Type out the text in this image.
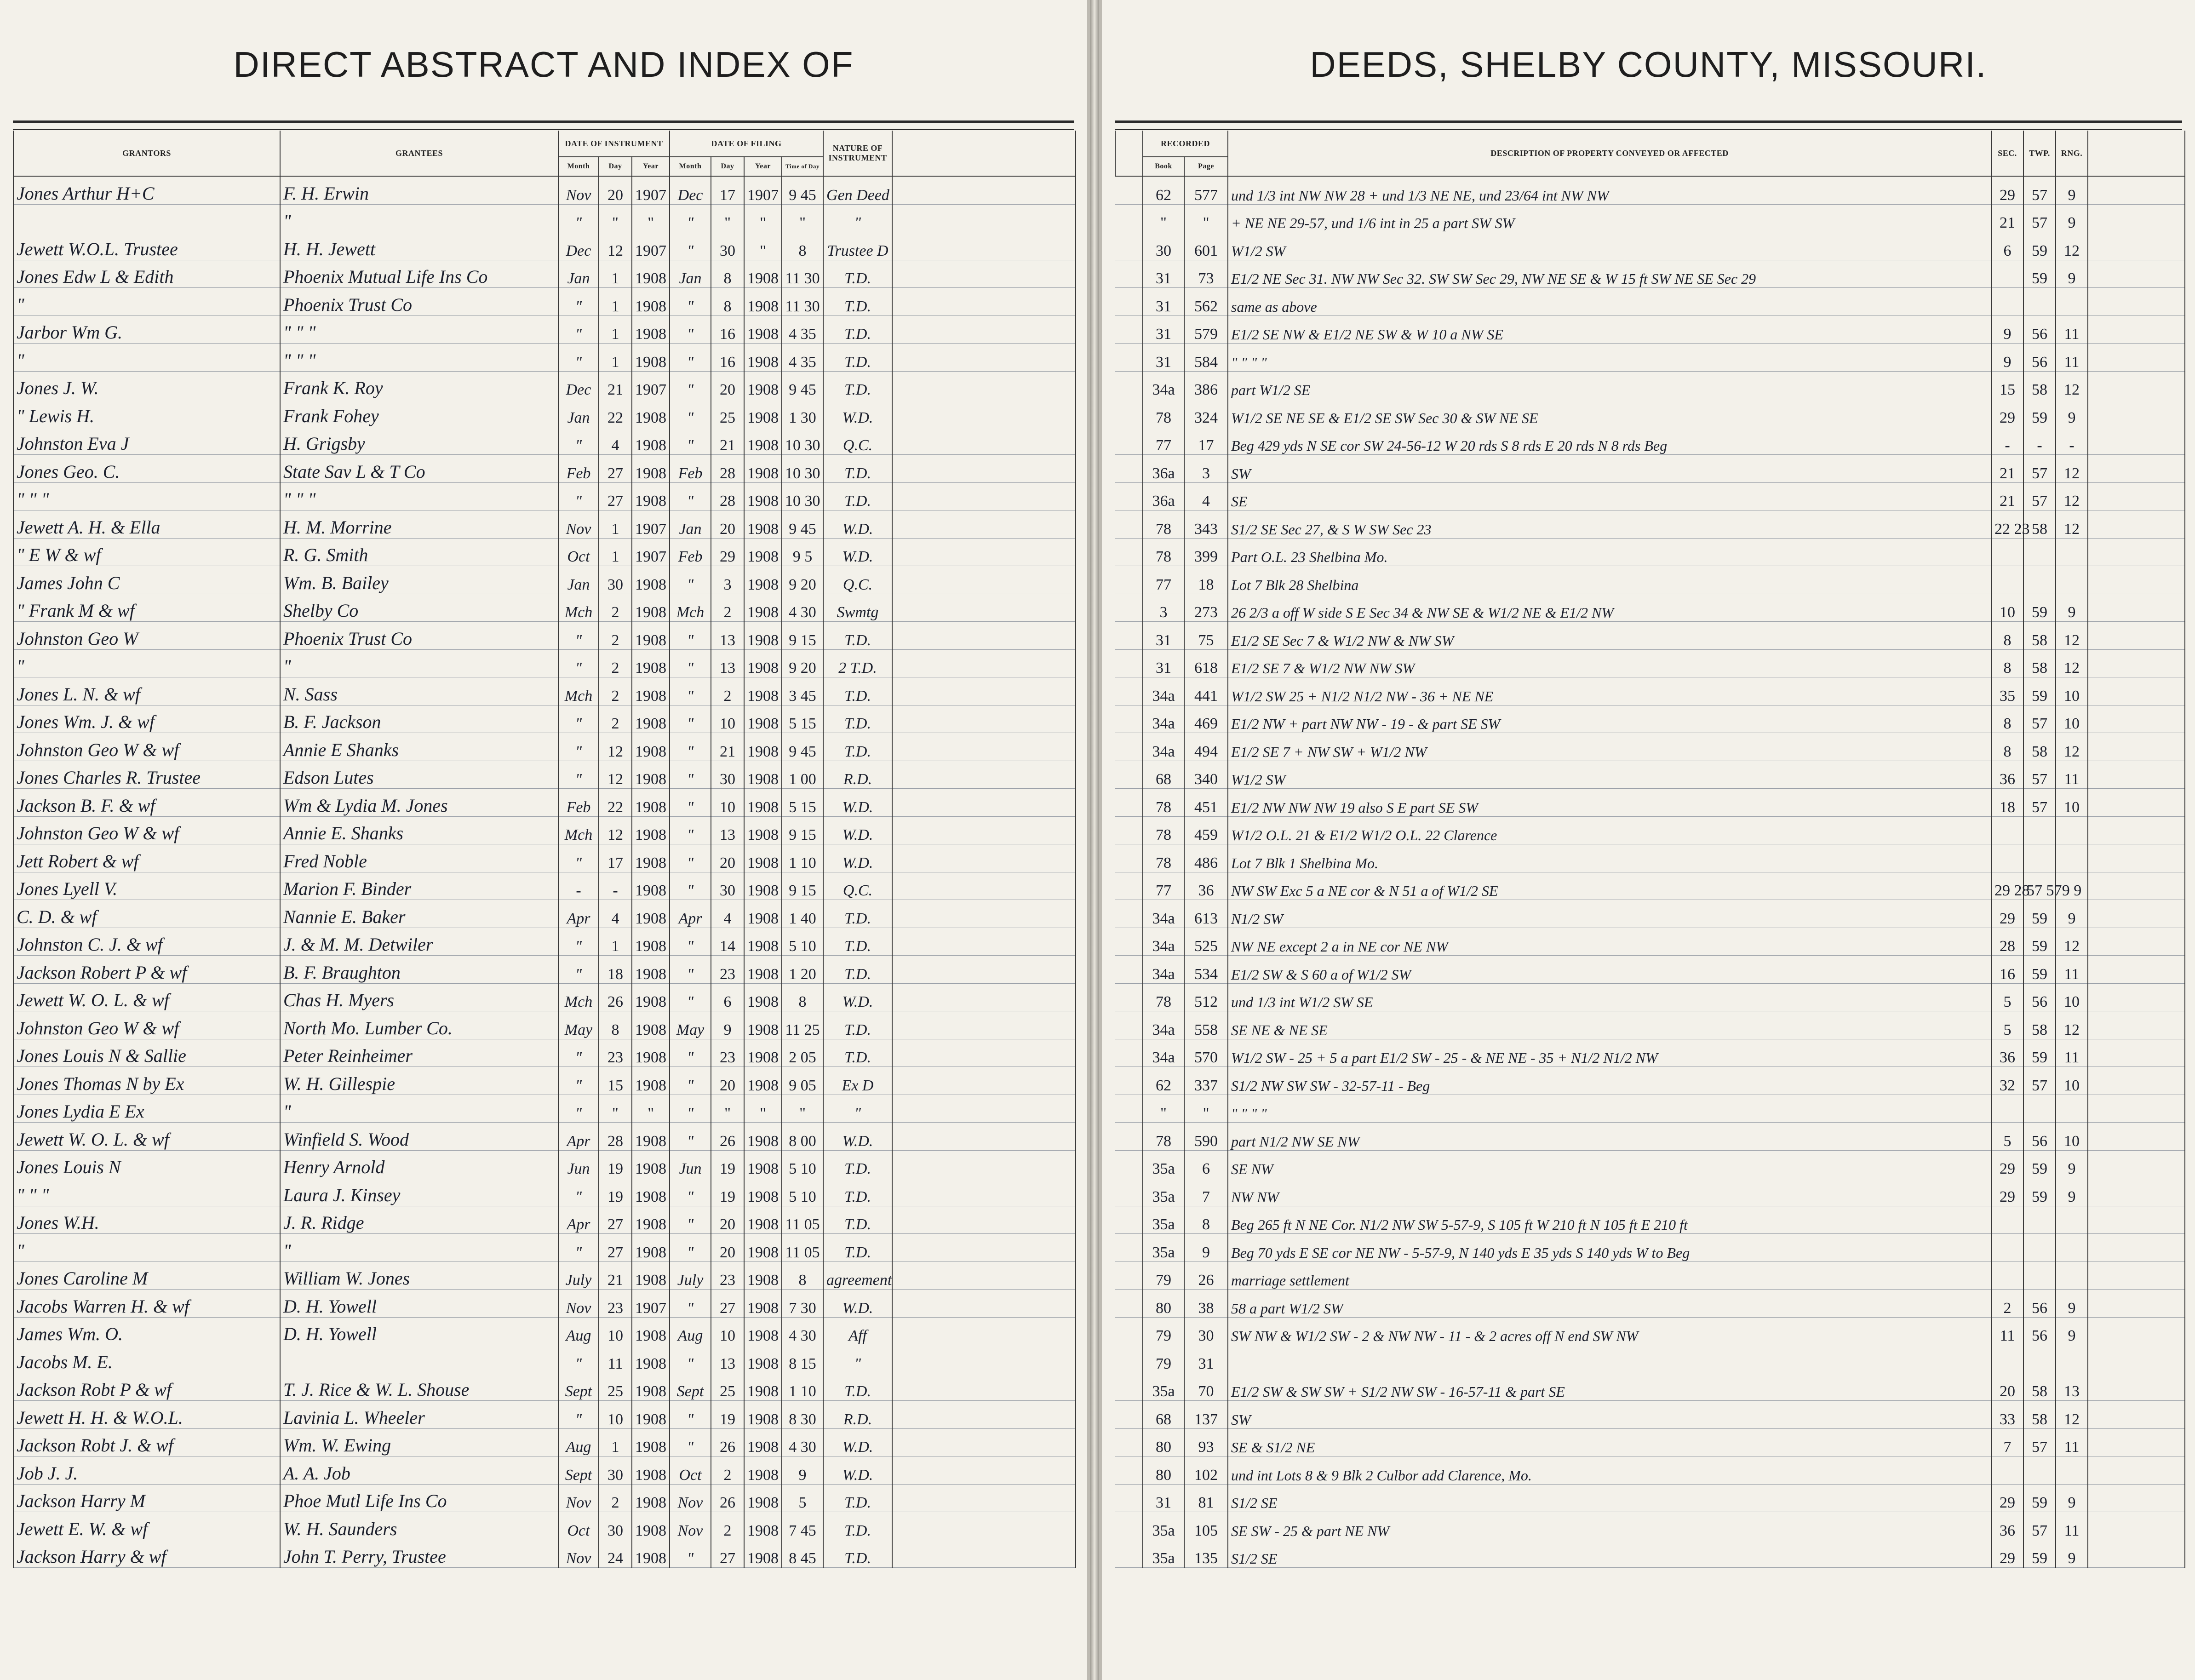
DIRECT ABSTRACT AND INDEX OF
GRANTORS	GRANTEES	DATE OF INSTRUMENT			DATE OF FILING				NATURE OF INSTRUMENT	
		Month	Day	Year	Month	Day	Year	Time of Day		
Jones Arthur H+C	F. H. Erwin	Nov	20	1907	Dec	17	1907	9 45	Gen Deed	
	"	"	"	"	"	"	"	"	"	
Jewett W.O.L. Trustee	H. H. Jewett	Dec	12	1907	"	30	"	8	Trustee D	
Jones Edw L & Edith	Phoenix Mutual Life Ins Co	Jan	1	1908	Jan	8	1908	11 30	T.D.	
"	Phoenix Trust Co	"	1	1908	"	8	1908	11 30	T.D.	
Jarbor Wm G.	" " "	"	1	1908	"	16	1908	4 35	T.D.	
"	" " "	"	1	1908	"	16	1908	4 35	T.D.	
Jones J. W.	Frank K. Roy	Dec	21	1907	"	20	1908	9 45	T.D.	
" Lewis H.	Frank Fohey	Jan	22	1908	"	25	1908	1 30	W.D.	
Johnston Eva J	H. Grigsby	"	4	1908	"	21	1908	10 30	Q.C.	
Jones Geo. C.	State Sav L & T Co	Feb	27	1908	Feb	28	1908	10 30	T.D.	
" " "	" " "	"	27	1908	"	28	1908	10 30	T.D.	
Jewett A. H. & Ella	H. M. Morrine	Nov	1	1907	Jan	20	1908	9 45	W.D.	
" E W & wf	R. G. Smith	Oct	1	1907	Feb	29	1908	9 5	W.D.	
James John C	Wm. B. Bailey	Jan	30	1908	"	3	1908	9 20	Q.C.	
" Frank M & wf	Shelby Co	Mch	2	1908	Mch	2	1908	4 30	Swmtg	
Johnston Geo W	Phoenix Trust Co	"	2	1908	"	13	1908	9 15	T.D.	
"	"	"	2	1908	"	13	1908	9 20	2 T.D.	
Jones L. N. & wf	N. Sass	Mch	2	1908	"	2	1908	3 45	T.D.	
Jones Wm. J. & wf	B. F. Jackson	"	2	1908	"	10	1908	5 15	T.D.	
Johnston Geo W & wf	Annie E Shanks	"	12	1908	"	21	1908	9 45	T.D.	
Jones Charles R. Trustee	Edson Lutes	"	12	1908	"	30	1908	1 00	R.D.	
Jackson B. F. & wf	Wm & Lydia M. Jones	Feb	22	1908	"	10	1908	5 15	W.D.	
Johnston Geo W & wf	Annie E. Shanks	Mch	12	1908	"	13	1908	9 15	W.D.	
Jett Robert & wf	Fred Noble	"	17	1908	"	20	1908	1 10	W.D.	
Jones Lyell V.	Marion F. Binder	-	-	1908	"	30	1908	9 15	Q.C.	
C. D. & wf	Nannie E. Baker	Apr	4	1908	Apr	4	1908	1 40	T.D.	
Johnston C. J. & wf	J. & M. M. Detwiler	"	1	1908	"	14	1908	5 10	T.D.	
Jackson Robert P & wf	B. F. Braughton	"	18	1908	"	23	1908	1 20	T.D.	
Jewett W. O. L. & wf	Chas H. Myers	Mch	26	1908	"	6	1908	8	W.D.	
Johnston Geo W & wf	North Mo. Lumber Co.	May	8	1908	May	9	1908	11 25	T.D.	
Jones Louis N & Sallie	Peter Reinheimer	"	23	1908	"	23	1908	2 05	T.D.	
Jones Thomas N by Ex	W. H. Gillespie	"	15	1908	"	20	1908	9 05	Ex D	
Jones Lydia E Ex	"	"	"	"	"	"	"	"	"	
Jewett W. O. L. & wf	Winfield S. Wood	Apr	28	1908	"	26	1908	8 00	W.D.	
Jones Louis N	Henry Arnold	Jun	19	1908	Jun	19	1908	5 10	T.D.	
" " "	Laura J. Kinsey	"	19	1908	"	19	1908	5 10	T.D.	
Jones W.H.	J. R. Ridge	Apr	27	1908	"	20	1908	11 05	T.D.	
"	"	"	27	1908	"	20	1908	11 05	T.D.	
Jones Caroline M	William W. Jones	July	21	1908	July	23	1908	8	agreement	
Jacobs Warren H. & wf	D. H. Yowell	Nov	23	1907	"	27	1908	7 30	W.D.	
James Wm. O.	D. H. Yowell	Aug	10	1908	Aug	10	1908	4 30	Aff	
Jacobs M. E.		"	11	1908	"	13	1908	8 15	"	
Jackson Robt P & wf	T. J. Rice & W. L. Shouse	Sept	25	1908	Sept	25	1908	1 10	T.D.	
Jewett H. H. & W.O.L.	Lavinia L. Wheeler	"	10	1908	"	19	1908	8 30	R.D.	
Jackson Robt J. & wf	Wm. W. Ewing	Aug	1	1908	"	26	1908	4 30	W.D.	
Job J. J.	A. A. Job	Sept	30	1908	Oct	2	1908	9	W.D.	
Jackson Harry M	Phoe Mutl Life Ins Co	Nov	2	1908	Nov	26	1908	5	T.D.	
Jewett E. W. & wf	W. H. Saunders	Oct	30	1908	Nov	2	1908	7 45	T.D.	
Jackson Harry & wf	John T. Perry, Trustee	Nov	24	1908	"	27	1908	8 45	T.D.	
DEEDS, SHELBY COUNTY, MISSOURI.
	RECORDED		DESCRIPTION OF PROPERTY CONVEYED OR AFFECTED	SEC.	TWP.	RNG.	
	Book	Page					
	62	577	und 1/3 int NW NW 28 + und 1/3 NE NE, und 23/64 int NW NW	29	57	9	
	"	"	+ NE NE 29-57, und 1/6 int in 25 a part SW SW	21	57	9	
	30	601	W1/2 SW	6	59	12	
	31	73	E1/2 NE Sec 31. NW NW Sec 32. SW SW Sec 29, NW NE SE & W 15 ft SW NE SE Sec 29		59	9	
	31	562	same as above				
	31	579	E1/2 SE NW & E1/2 NE SW & W 10 a NW SE	9	56	11	
	31	584	" " " "	9	56	11	
	34a	386	part W1/2 SE	15	58	12	
	78	324	W1/2 SE NE SE & E1/2 SE SW Sec 30 & SW NE SE	29	59	9	
	77	17	Beg 429 yds N SE cor SW 24-56-12 W 20 rds S 8 rds E 20 rds N 8 rds Beg	-	-	-	
	36a	3	SW	21	57	12	
	36a	4	SE	21	57	12	
	78	343	S1/2 SE Sec 27, & S W SW Sec 23	22 23	58	12	
	78	399	Part O.L. 23 Shelbina Mo.				
	77	18	Lot 7 Blk 28 Shelbina				
	3	273	26 2/3 a off W side S E Sec 34 & NW SE & W1/2 NE & E1/2 NW	10	59	9	
	31	75	E1/2 SE Sec 7 & W1/2 NW & NW SW	8	58	12	
	31	618	E1/2 SE 7 & W1/2 NW NW SW	8	58	12	
	34a	441	W1/2 SW 25 + N1/2 N1/2 NW - 36 + NE NE	35	59	10	
	34a	469	E1/2 NW + part NW NW - 19 - & part SE SW	8	57	10	
	34a	494	E1/2 SE 7 + NW SW + W1/2 NW	8	58	12	
	68	340	W1/2 SW	36	57	11	
	78	451	E1/2 NW NW NW 19 also S E part SE SW	18	57	10	
	78	459	W1/2 O.L. 21 & E1/2 W1/2 O.L. 22 Clarence				
	78	486	Lot 7 Blk 1 Shelbina Mo.				
	77	36	NW SW Exc 5 a NE cor & N 51 a of W1/2 SE	29 28	57 57	9 9	
	34a	613	N1/2 SW	29	59	9	
	34a	525	NW NE except 2 a in NE cor NE NW	28	59	12	
	34a	534	E1/2 SW & S 60 a of W1/2 SW	16	59	11	
	78	512	und 1/3 int W1/2 SW SE	5	56	10	
	34a	558	SE NE & NE SE	5	58	12	
	34a	570	W1/2 SW - 25 + 5 a part E1/2 SW - 25 - & NE NE - 35 + N1/2 N1/2 NW	36	59	11	
	62	337	S1/2 NW SW SW - 32-57-11 - Beg	32	57	10	
	"	"	" " " "				
	78	590	part N1/2 NW SE NW	5	56	10	
	35a	6	SE NW	29	59	9	
	35a	7	NW NW	29	59	9	
	35a	8	Beg 265 ft N NE Cor. N1/2 NW SW 5-57-9, S 105 ft W 210 ft N 105 ft E 210 ft				
	35a	9	Beg 70 yds E SE cor NE NW - 5-57-9, N 140 yds E 35 yds S 140 yds W to Beg				
	79	26	marriage settlement				
	80	38	58 a part W1/2 SW	2	56	9	
	79	30	SW NW & W1/2 SW - 2 & NW NW - 11 - & 2 acres off N end SW NW	11	56	9	
	79	31					
	35a	70	E1/2 SW & SW SW + S1/2 NW SW - 16-57-11 & part SE	20	58	13	
	68	137	SW	33	58	12	
	80	93	SE & S1/2 NE	7	57	11	
	80	102	und int Lots 8 & 9 Blk 2 Culbor add Clarence, Mo.				
	31	81	S1/2 SE	29	59	9	
	35a	105	SE SW - 25 & part NE NW	36	57	11	
	35a	135	S1/2 SE	29	59	9	
